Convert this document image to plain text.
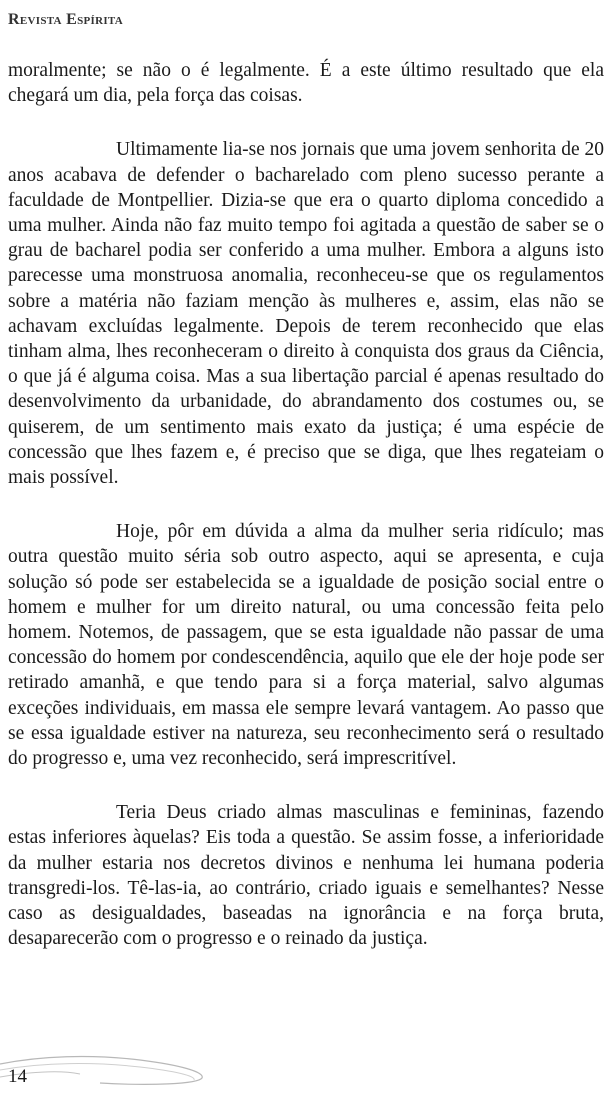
Revista Espírita

moralmente; se não o é legalmente. É a este último resultado que ela chegará um dia, pela força das coisas.

Ultimamente lia-se nos jornais que uma jovem senhorita de 20 anos acabava de defender o bacharelado com pleno sucesso perante a faculdade de Montpellier. Dizia-se que era o quarto diploma concedido a uma mulher. Ainda não faz muito tempo foi agitada a questão de saber se o grau de bacharel podia ser conferido a uma mulher. Embora a alguns isto parecesse uma monstruosa anomalia, reconheceu-se que os regulamentos sobre a matéria não faziam menção às mulheres e, assim, elas não se achavam excluídas legalmente. Depois de terem reconhecido que elas tinham alma, lhes reconheceram o direito à conquista dos graus da Ciência, o que já é alguma coisa. Mas a sua libertação parcial é apenas resultado do desenvolvimento da urbanidade, do abrandamento dos costumes ou, se quiserem, de um sentimento mais exato da justiça; é uma espécie de concessão que lhes fazem e, é preciso que se diga, que lhes regateiam o mais possível.

Hoje, pôr em dúvida a alma da mulher seria ridículo; mas outra questão muito séria sob outro aspecto, aqui se apresenta, e cuja solução só pode ser estabelecida se a igualdade de posição social entre o homem e mulher for um direito natural, ou uma concessão feita pelo homem. Notemos, de passagem, que se esta igualdade não passar de uma concessão do homem por condescendência, aquilo que ele der hoje pode ser retirado amanhã, e que tendo para si a força material, salvo algumas exceções individuais, em massa ele sempre levará vantagem. Ao passo que se essa igualdade estiver na natureza, seu reconhecimento será o resultado do progresso e, uma vez reconhecido, será imprescritível.

Teria Deus criado almas masculinas e femininas, fazendo estas inferiores àquelas? Eis toda a questão. Se assim fosse, a inferioridade da mulher estaria nos decretos divinos e nenhuma lei humana poderia transgredi-los. Tê-las-ia, ao contrário, criado iguais e semelhantes? Nesse caso as desigualdades, baseadas na ignorância e na força bruta, desaparecerão com o progresso e o reinado da justiça.

14
